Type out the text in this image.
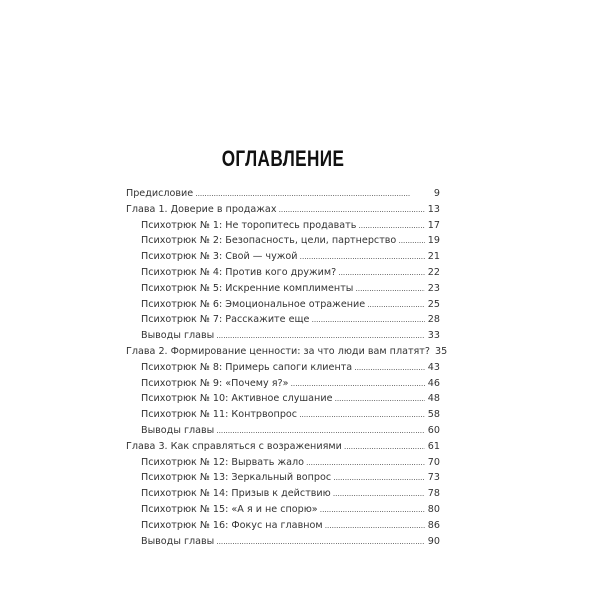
ОГЛАВЛЕНИЕ
Предисловие . . .	9
Глава 1. Доверие в продажах . . .	13
Психотрюк № 1: Не торопитесь продавать . . .	17
Психотрюк № 2: Безопасность, цели, партнерство . . .	19
Психотрюк № 3: Свой — чужой . . .	21
Психотрюк № 4: Против кого дружим? . . .	22
Психотрюк № 5: Искренние комплименты . . .	23
Психотрюк № 6: Эмоциональное отражение . . .	25
Психотрюк № 7: Расскажите еще . . .	28
Выводы главы . . .	33
Глава 2. Формирование ценности: за что люди вам платят? 35
Психотрюк № 8: Примерь сапоги клиента . . .	43
Психотрюк № 9: «Почему я?» . . .	46
Психотрюк № 10: Активное слушание . . .	48
Психотрюк № 11: Контрвопрос . . .	58
Выводы главы . . .	60
Глава 3. Как справляться с возражениями . . .	61
Психотрюк № 12: Вырвать жало . . .	70
Психотрюк № 13: Зеркальный вопрос . . .	73
Психотрюк № 14: Призыв к действию . . .	78
Психотрюк № 15: «А я и не спорю» . . .	80
Психотрюк № 16: Фокус на главном . . .	86
Выводы главы . . .	90
